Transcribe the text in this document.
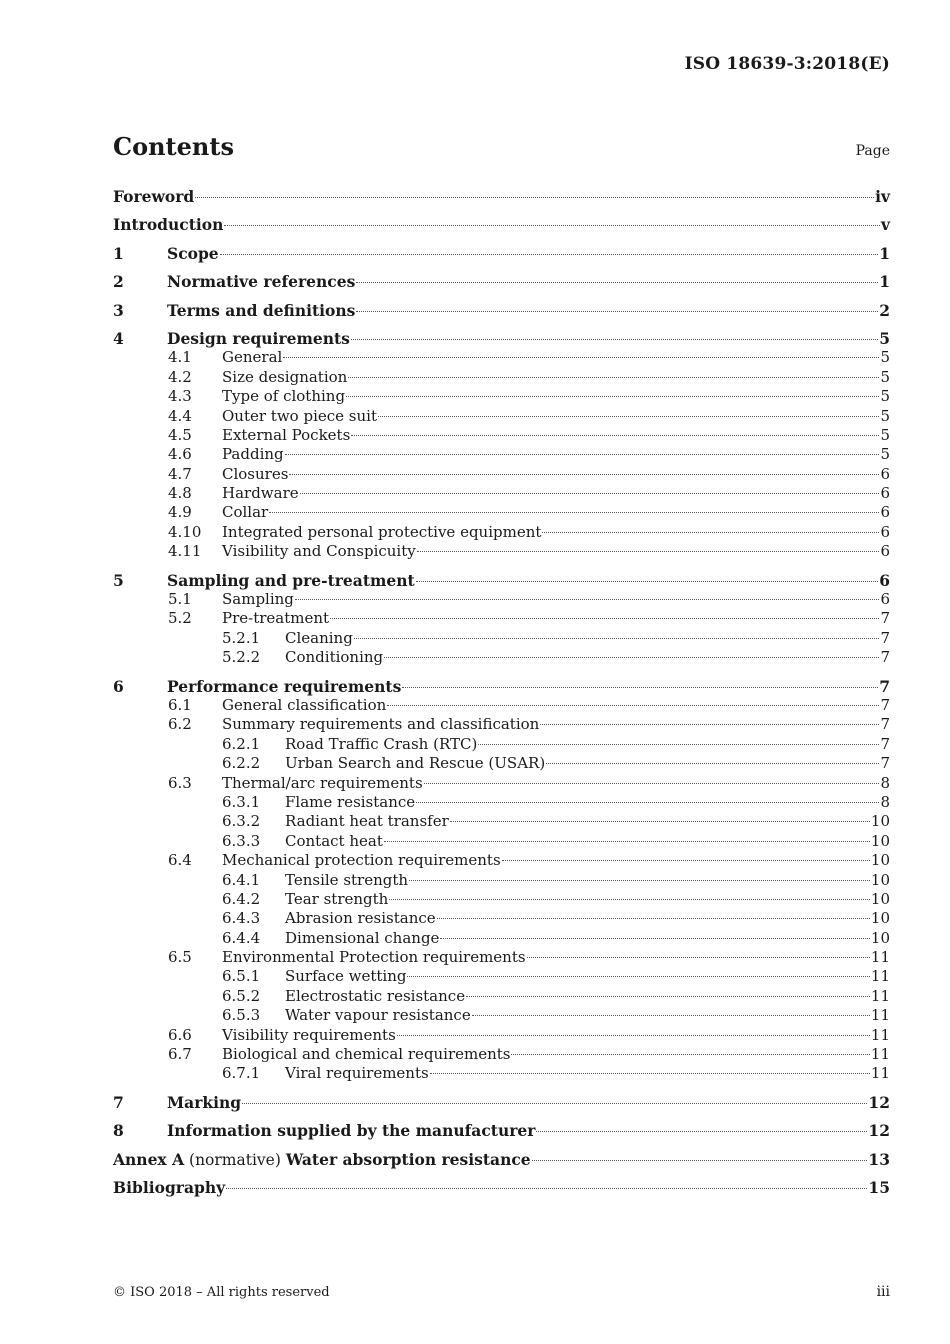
ISO 18639-3:2018(E)
Contents	Page
Foreword	iv
Introduction	v
1	Scope	1
2	Normative references	1
3	Terms and definitions	2
4	Design requirements	5
4.1 General	5
4.2 Size designation	5
4.3 Type of clothing	5
4.4 Outer two piece suit	5
4.5 External Pockets	5
4.6 Padding	5
4.7 Closures	6
4.8 Hardware	6
4.9 Collar	6
4.10 Integrated personal protective equipment	6
4.11 Visibility and Conspicuity	6
5	Sampling and pre-treatment	6
5.1 Sampling	6
5.2 Pre-treatment	7
5.2.1 Cleaning	7
5.2.2 Conditioning	7
6	Performance requirements	7
6.1 General classification	7
6.2 Summary requirements and classification	7
6.2.1 Road Traffic Crash (RTC)	7
6.2.2 Urban Search and Rescue (USAR)	7
6.3 Thermal/arc requirements	8
6.3.1 Flame resistance	8
6.3.2 Radiant heat transfer	10
6.3.3 Contact heat	10
6.4 Mechanical protection requirements	10
6.4.1 Tensile strength	10
6.4.2 Tear strength	10
6.4.3 Abrasion resistance	10
6.4.4 Dimensional change	10
6.5 Environmental Protection requirements	11
6.5.1 Surface wetting	11
6.5.2 Electrostatic resistance	11
6.5.3 Water vapour resistance	11
6.6 Visibility requirements	11
6.7 Biological and chemical requirements	11
6.7.1 Viral requirements	11
7	Marking	12
8	Information supplied by the manufacturer	12
Annex A (normative) Water absorption resistance	13
Bibliography	15
© ISO 2018 – All rights reserved	iii
